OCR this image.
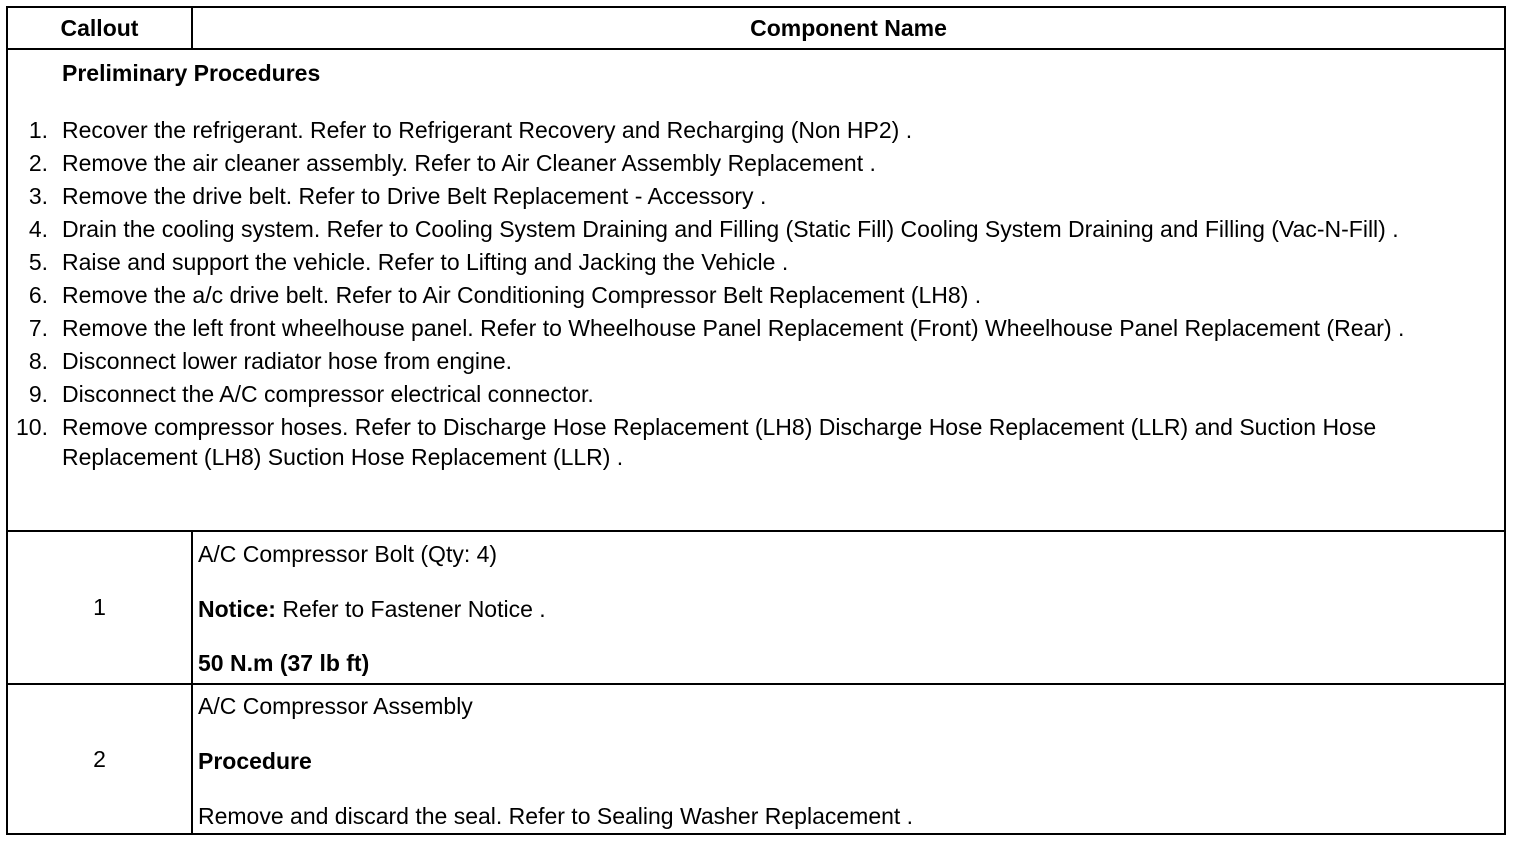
Callout	Component Name
Preliminary Procedures
1. Recover the refrigerant. Refer to Refrigerant Recovery and Recharging (Non HP2) .
2. Remove the air cleaner assembly. Refer to Air Cleaner Assembly Replacement .
3. Remove the drive belt. Refer to Drive Belt Replacement - Accessory .
4. Drain the cooling system. Refer to Cooling System Draining and Filling (Static Fill) Cooling System Draining and Filling (Vac-N-Fill) .
5. Raise and support the vehicle. Refer to Lifting and Jacking the Vehicle .
6. Remove the a/c drive belt. Refer to Air Conditioning Compressor Belt Replacement (LH8) .
7. Remove the left front wheelhouse panel. Refer to Wheelhouse Panel Replacement (Front) Wheelhouse Panel Replacement (Rear) .
8. Disconnect lower radiator hose from engine.
9. Disconnect the A/C compressor electrical connector.
10. Remove compressor hoses. Refer to Discharge Hose Replacement (LH8) Discharge Hose Replacement (LLR) and Suction Hose Replacement (LH8) Suction Hose Replacement (LLR) .
1
A/C Compressor Bolt (Qty: 4)
Notice: Refer to Fastener Notice .
50 N.m (37 lb ft)
2
A/C Compressor Assembly
Procedure
Remove and discard the seal. Refer to Sealing Washer Replacement .
